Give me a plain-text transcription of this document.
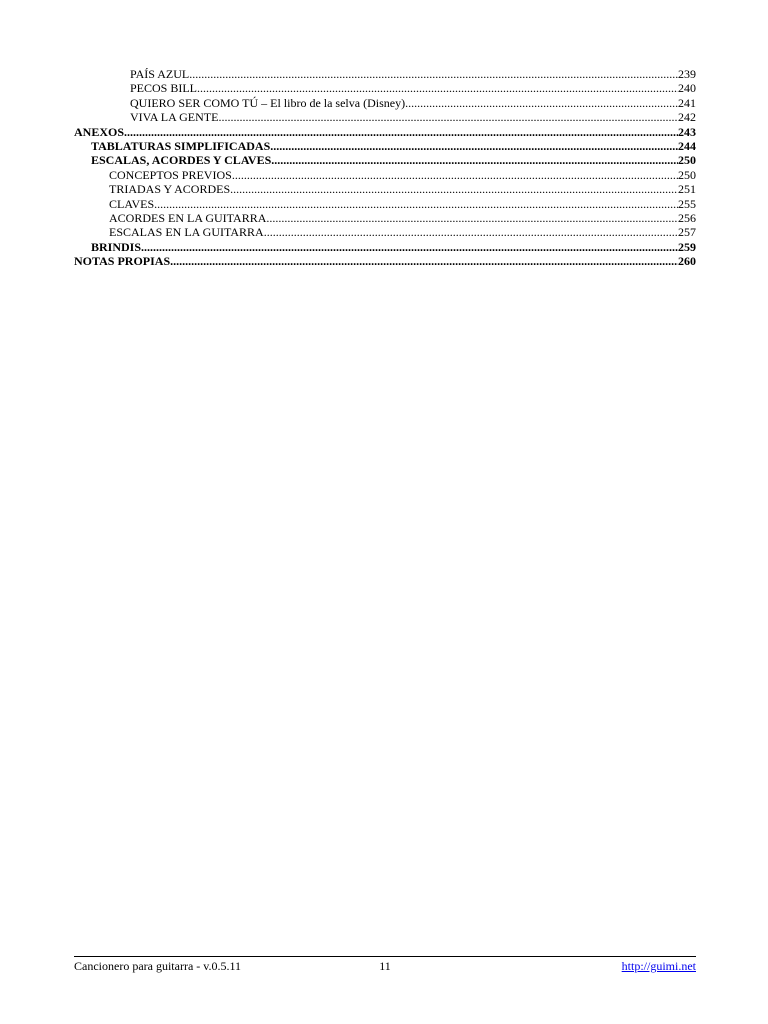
PAÍS AZUL .....	239
PECOS BILL .....	240
QUIERO SER COMO TÚ – El libro de la selva (Disney) .....	241
VIVA LA GENTE .....	242
ANEXOS .....	243
TABLATURAS SIMPLIFICADAS .....	244
ESCALAS, ACORDES Y CLAVES .....	250
CONCEPTOS PREVIOS .....	250
TRIADAS Y ACORDES .....	251
CLAVES .....	255
ACORDES EN LA GUITARRA .....	256
ESCALAS EN LA GUITARRA .....	257
BRINDIS .....	259
NOTAS PROPIAS .....	260
Cancionero para guitarra - v.0.5.11	11	http://guimi.net
